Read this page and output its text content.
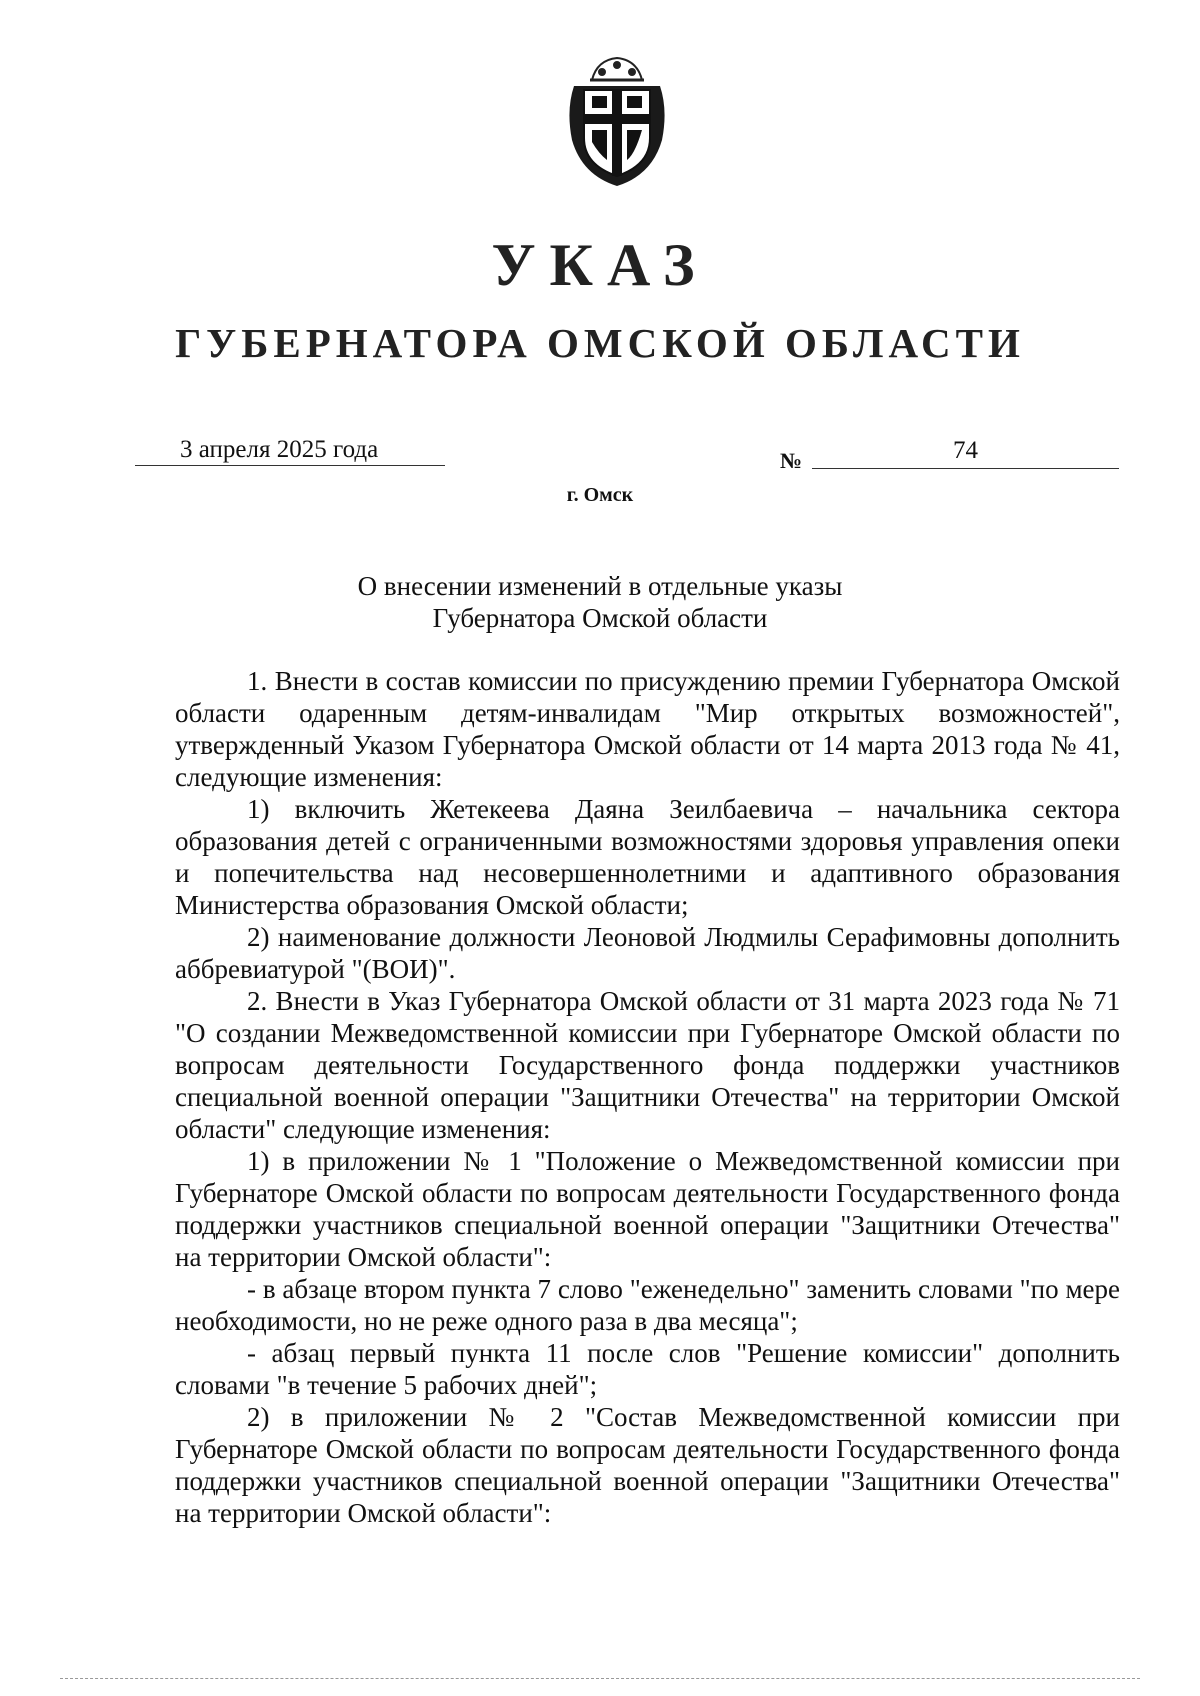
УКАЗ
ГУБЕРНАТОРА ОМСКОЙ ОБЛАСТИ
3 апреля 2025 года	№	74
г. Омск
О внесении изменений в отдельные указы
Губернатора Омской области

1. Внести в состав комиссии по присуждению премии Губернатора Омской области одаренным детям-инвалидам "Мир открытых возможностей", утвержденный Указом Губернатора Омской области от 14 марта 2013 года № 41, следующие изменения:

1) включить Жетекеева Даяна Зеилбаевича – начальника сектора образования детей с ограниченными возможностями здоровья управления опеки и попечительства над несовершеннолетними и адаптивного образования Министерства образования Омской области;

2) наименование должности Леоновой Людмилы Серафимовны дополнить аббревиатурой "(ВОИ)".

2. Внести в Указ Губернатора Омской области от 31 марта 2023 года № 71 "О создании Межведомственной комиссии при Губернаторе Омской области по вопросам деятельности Государственного фонда поддержки участников специальной военной операции "Защитники Отечества" на территории Омской области" следующие изменения:

1) в приложении № 1 "Положение о Межведомственной комиссии при Губернаторе Омской области по вопросам деятельности Государственного фонда поддержки участников специальной военной операции "Защитники Отечества" на территории Омской области":

- в абзаце втором пункта 7 слово "еженедельно" заменить словами "по мере необходимости, но не реже одного раза в два месяца";

- абзац первый пункта 11 после слов "Решение комиссии" дополнить словами "в течение 5 рабочих дней";

2) в приложении № 2 "Состав Межведомственной комиссии при Губернаторе Омской области по вопросам деятельности Государственного фонда поддержки участников специальной военной операции "Защитники Отечества" на территории Омской области":
